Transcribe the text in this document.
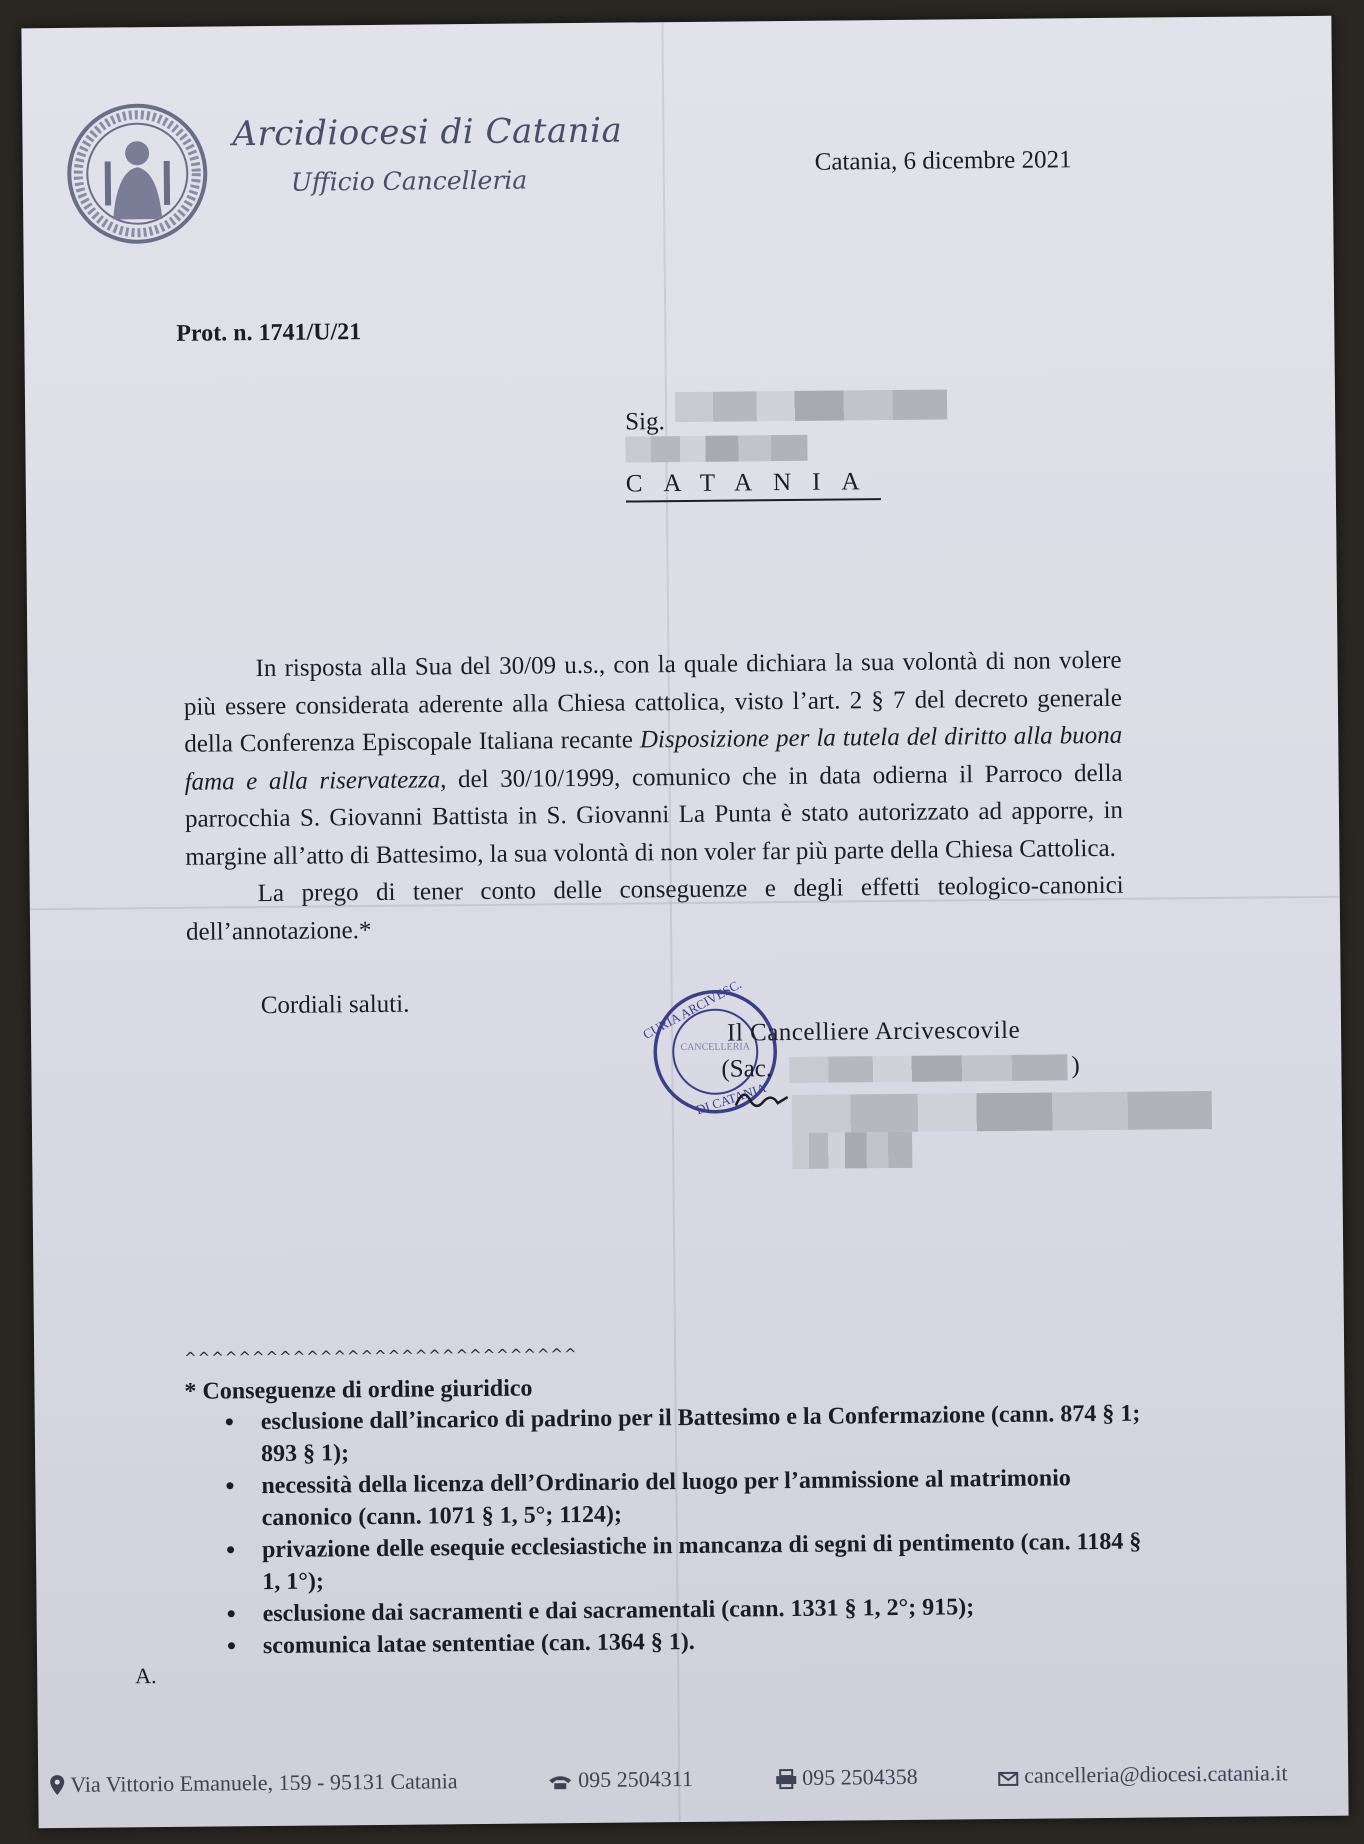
Arcidiocesi di Catania
Ufficio Cancelleria
Catania, 6 dicembre 2021
Prot. n. 1741/U/21
Sig.
CATANIA

In risposta alla Sua del 30/09 u.s., con la quale dichiara la sua volontà di non volere più essere considerata aderente alla Chiesa cattolica, visto l’art. 2 § 7 del decreto generale della Conferenza Episcopale Italiana recante Disposizione per la tutela del diritto alla buona fama e alla riservatezza, del 30/10/1999, comunico che in data odierna il Parroco della parrocchia S. Giovanni Battista in S. Giovanni La Punta è stato autorizzato ad apporre, in margine all’atto di Battesimo, la sua volontà di non voler far più parte della Chiesa Cattolica.

La prego di tener conto delle conseguenze e degli effetti teologico-canonici dell’annotazione.*

Cordiali saluti.	CURIA ARCIVESC.
DI CATANIA
CANCELLERIA
Il Cancelliere Arcivescovile
(Sac.	)
^^^^^^^^^^^^^^^^^^^^^^^^^^^^^
* Conseguenze di ordine giuridico
• esclusione dall’incarico di padrino per il Battesimo e la Confermazione (cann. 874 § 1; 893 § 1);
• necessità della licenza dell’Ordinario del luogo per l’ammissione al matrimonio canonico (cann. 1071 § 1, 5°; 1124);
• privazione delle esequie ecclesiastiche in mancanza di segni di pentimento (can. 1184 § 1, 1°);
• esclusione dai sacramenti e dai sacramentali (cann. 1331 § 1, 2°; 915);
• scomunica latae sententiae (can. 1364 § 1).
A.
Via Vittorio Emanuele, 159 - 95131 Catania	095 2504311	095 2504358	cancelleria@diocesi.catania.it
